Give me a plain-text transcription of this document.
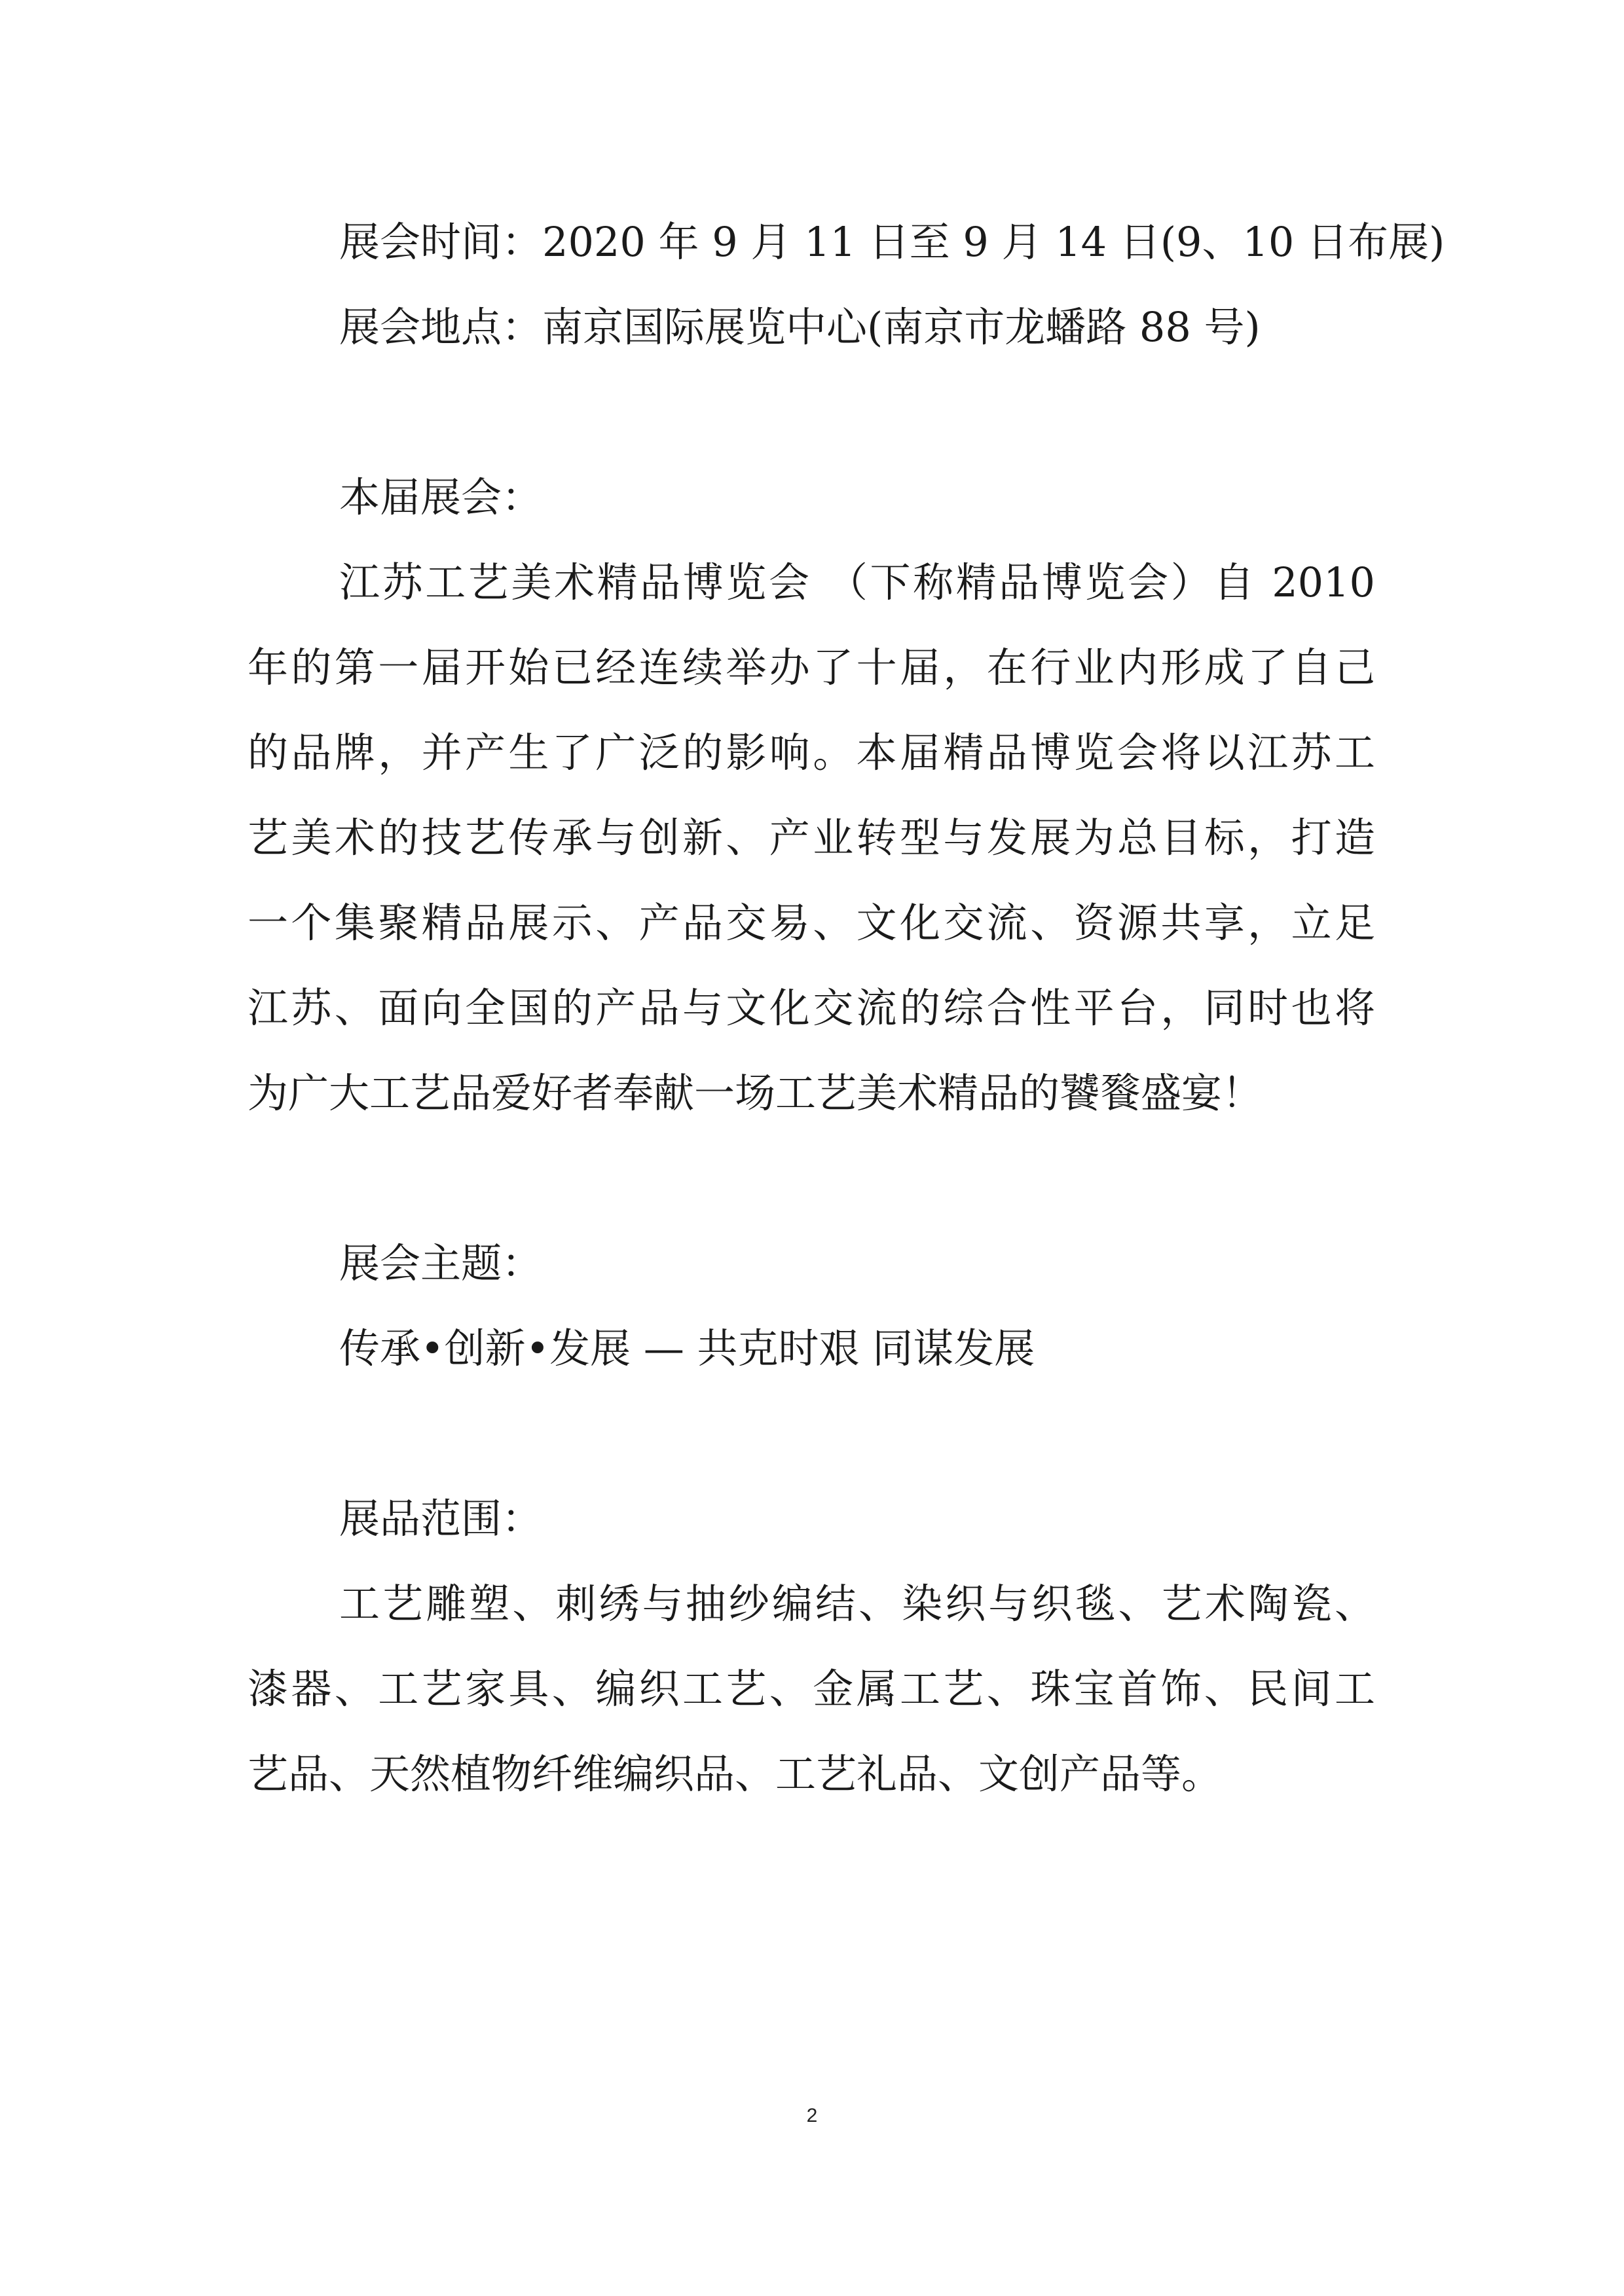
展会时间：2020 年 9 月 11 日至 9 月 14 日(9、10 日布展)
展会地点：南京国际展览中心(南京市龙蟠路 88 号)
本届展会：
江苏工艺美术精品博览会 （下称精品博览会）自 2010
年的第一届开始已经连续举办了十届，在行业内形成了自己
的品牌，并产生了广泛的影响。本届精品博览会将以江苏工
艺美术的技艺传承与创新、产业转型与发展为总目标，打造
一个集聚精品展示、产品交易、文化交流、资源共享，立足
江苏、面向全国的产品与文化交流的综合性平台，同时也将
为广大工艺品爱好者奉献一场工艺美术精品的饕餮盛宴！
展会主题：
传承•创新•发展 — 共克时艰 同谋发展
展品范围：
工艺雕塑、刺绣与抽纱编结、染织与织毯、艺术陶瓷、
漆器、工艺家具、编织工艺、金属工艺、珠宝首饰、民间工
艺品、天然植物纤维编织品、工艺礼品、文创产品等。
2
